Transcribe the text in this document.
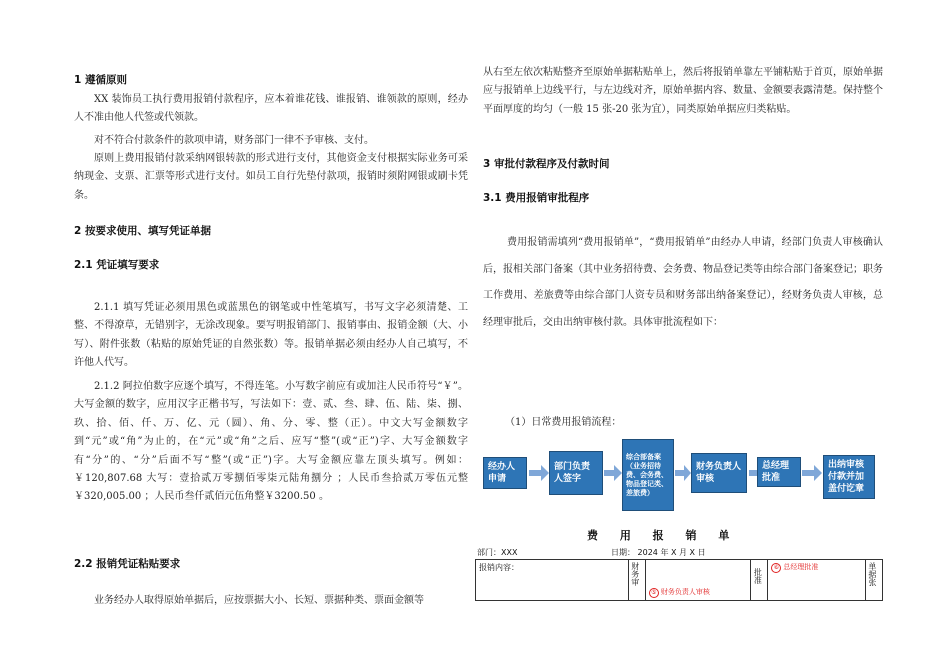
1 遵循原则
XX 装饰员工执行费用报销付款程序，应本着谁花钱、谁报销、谁领款的原则，经办人不准由他人代签或代领款。
对不符合付款条件的款项申请，财务部门一律不予审核、支付。
原则上费用报销付款采纳网银转款的形式进行支付，其他资金支付根据实际业务可采纳现金、支票、汇票等形式进行支付。如员工自行先垫付款项，报销时须附网银或刷卡凭条。
2 按要求使用、填写凭证单据
2.1 凭证填写要求
2.1.1 填写凭证必须用黑色或蓝黑色的钢笔或中性笔填写，书写文字必须清楚、工整、不得潦草，无错别字，无涂改现象。要写明报销部门、报销事由、报销金额（大、小写）、附件张数（粘贴的原始凭证的自然张数）等。报销单据必须由经办人自己填写，不许他人代写。
2.1.2 阿拉伯数字应逐个填写，不得连笔。小写数字前应有或加注人民币符号“￥”。大写金额的数字，应用汉字正楷书写，写法如下：壹、贰、叁、肆、伍、陆、柒、捌、玖、拾、佰、仟、万、亿、元（圆）、角、分、零、整（正）。中文大写金额数字到“元”或“角”为止的，在“元”或“角”之后、应写“整”(或“正”)字、大写金额数字有“分”的、“分”后面不写“整”(或“正”)字。大写金额应靠左顶头填写。例如：￥120,807.68 大写：壹拾贰万零捌佰零柒元陆角捌分 ；人民币叁拾贰万零伍元整￥320,005.00 ；人民币叁仟贰佰元伍角整￥3200.50 。
2.2 报销凭证粘贴要求
业务经办人取得原始单据后，应按票据大小、长短、票据种类、票面金额等
从右至左依次粘贴整齐至原始单据粘贴单上，然后将报销单靠左平铺粘贴于首页，原始单据应与报销单上边线平行，与左边线对齐，原始单据内容、数量、金额要表露清楚。保持整个平面厚度的均匀（一般 15 张-20 张为宜），同类原始单据应归类粘贴。
3 审批付款程序及付款时间
3.1 费用报销审批程序
费用报销需填列“费用报销单”，“费用报销单”由经办人申请，经部门负责人审核确认后，报相关部门备案（其中业务招待费、会务费、物品登记类等由综合部门备案登记；职务工作费用、差旅费等由综合部门人资专员和财务部出纳备案登记），经财务负责人审核，总经理审批后，交由出纳审核付款。具体审批流程如下：
（1）日常费用报销流程：
经办人申请
部门负责人签字
综合部备案（业务招待费、会务费、物品登记类、差旅费）
财务负责人审核
总经理批准
出纳审核付款并加盖付讫章
费 用 报 销 单
部门：XXX	日期： 2024 年 X 月 X 日
报销内容：	财务审
	⑤ 财务负责人审核	
批准
	⑥ 总经理批准	单据张
